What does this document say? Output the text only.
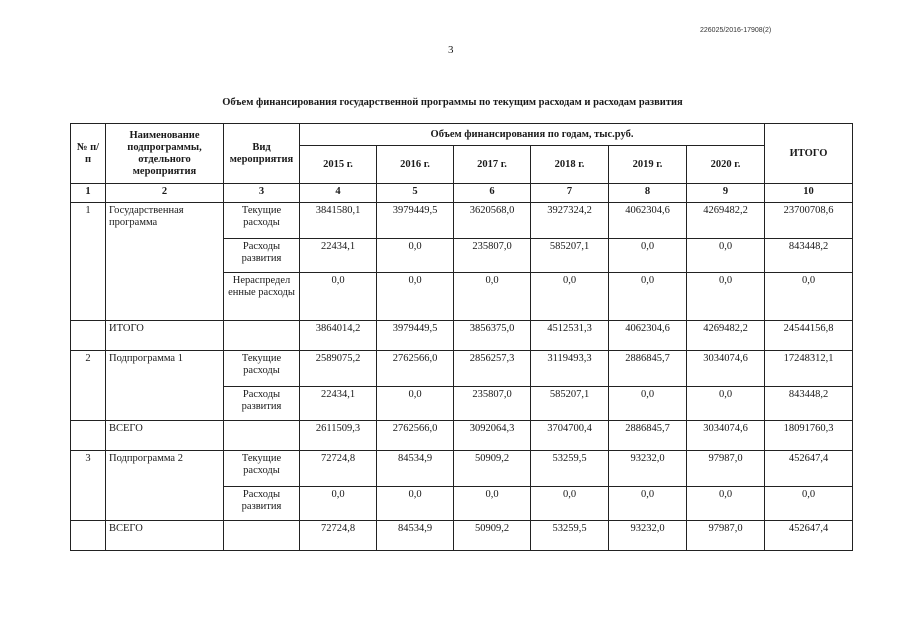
226025/2016-17908(2)
3
Объем финансирования государственной программы по текущим расходам и расходам развития
№ п/п	Наименование подпрограммы, отдельного мероприятия	Вид мероприятия	Объем финансирования по годам, тыс.руб.						ИТОГО
			2015 г.	2016 г.	2017 г.	2018 г.	2019 г.	2020 г.	
1	2	3	4	5	6	7	8	9	10
1	Государственная программа	Текущие расходы	3841580,1	3979449,5	3620568,0	3927324,2	4062304,6	4269482,2	23700708,6
		Расходы развития	22434,1	0,0	235807,0	585207,1	0,0	0,0	843448,2
		Нераспредел енные расходы	0,0	0,0	0,0	0,0	0,0	0,0	0,0
	ИТОГО		3864014,2	3979449,5	3856375,0	4512531,3	4062304,6	4269482,2	24544156,8
2	Подпрограмма 1	Текущие расходы	2589075,2	2762566,0	2856257,3	3119493,3	2886845,7	3034074,6	17248312,1
		Расходы развития	22434,1	0,0	235807,0	585207,1	0,0	0,0	843448,2
	ВСЕГО		2611509,3	2762566,0	3092064,3	3704700,4	2886845,7	3034074,6	18091760,3
3	Подпрограмма 2	Текущие расходы	72724,8	84534,9	50909,2	53259,5	93232,0	97987,0	452647,4
		Расходы развития	0,0	0,0	0,0	0,0	0,0	0,0	0,0
	ВСЕГО		72724,8	84534,9	50909,2	53259,5	93232,0	97987,0	452647,4
